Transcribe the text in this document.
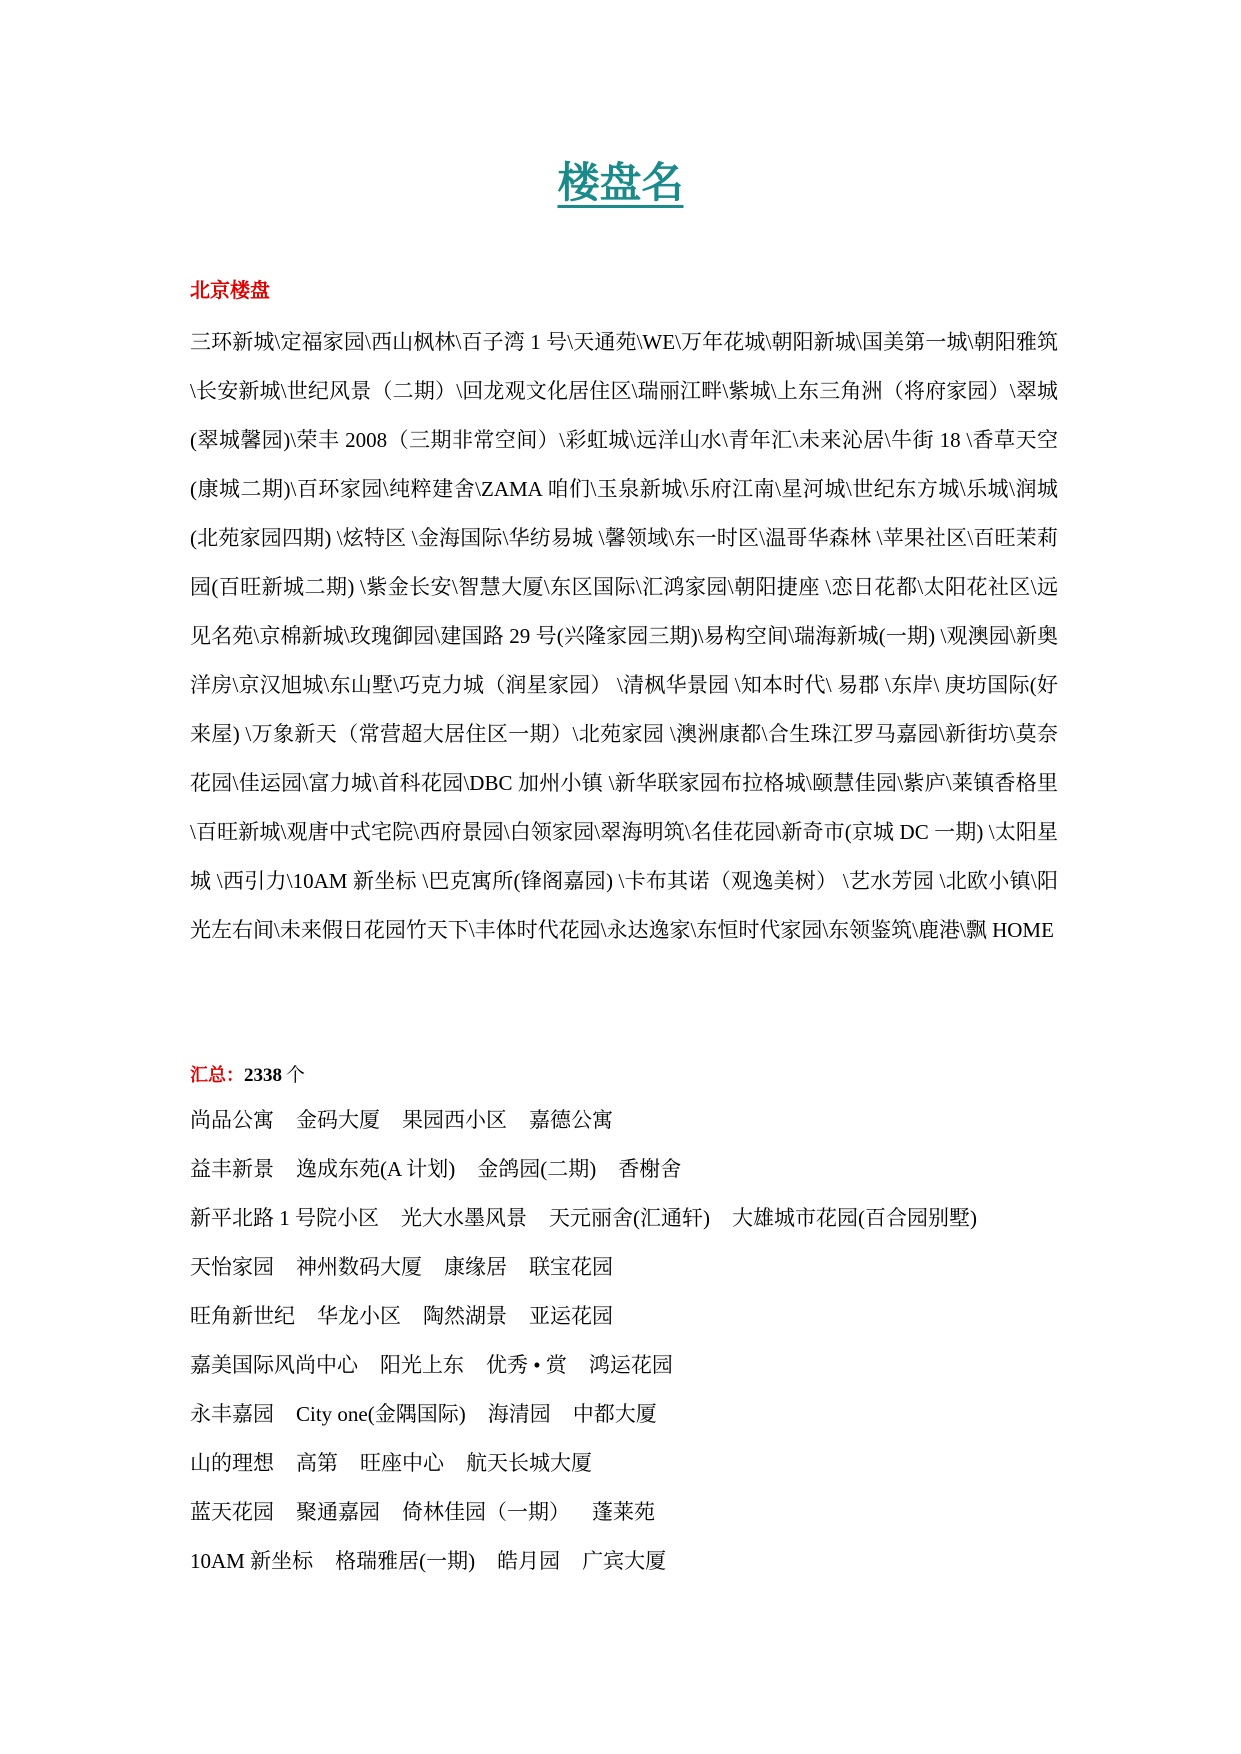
楼盘名
北京楼盘

三环新城\定福家园\西山枫林\百子湾 1 号\天通苑\WE\万年花城\朝阳新城\国美第一城\朝阳雅筑\长安新城\世纪风景（二期）\回龙观文化居住区\瑞丽江畔\紫城\上东三角洲（将府家园）\翠城(翠城馨园)\荣丰 2008（三期非常空间）\彩虹城\远洋山水\青年汇\未来沁居\牛街 18 \香草天空(康城二期)\百环家园\纯粹建舍\ZAMA 咱们\玉泉新城\乐府江南\星河城\世纪东方城\乐城\润城(北苑家园四期) \炫特区 \金海国际\华纺易城 \馨领域\东一时区\温哥华森林 \苹果社区\百旺茉莉园(百旺新城二期) \紫金长安\智慧大厦\东区国际\汇鸿家园\朝阳捷座 \恋日花都\太阳花社区\远见名苑\京棉新城\玫瑰御园\建国路 29 号(兴隆家园三期)\易构空间\瑞海新城(一期) \观澳园\新奥洋房\京汉旭城\东山墅\巧克力城（润星家园） \清枫华景园 \知本时代\ 易郡 \东岸\ 庚坊国际(好来屋) \万象新天（常营超大居住区一期）\北苑家园 \澳洲康都\合生珠江罗马嘉园\新街坊\莫奈花园\佳运园\富力城\首科花园\DBC 加州小镇 \新华联家园布拉格城\颐慧佳园\紫庐\莱镇香格里\百旺新城\观唐中式宅院\西府景园\白领家园\翠海明筑\名佳花园\新奇市(京城 DC 一期) \太阳星城 \西引力\10AM 新坐标 \巴克寓所(锋阁嘉园) \卡布其诺（观逸美树） \艺水芳园 \北欧小镇\阳光左右间\未来假日花园竹天下\丰体时代花园\永达逸家\东恒时代家园\东领鉴筑\鹿港\飘 HOME

汇总：2338  个

尚品公寓 金码大厦 果园西小区 嘉德公寓
益丰新景 逸成东苑(A 计划) 金鸽园(二期) 香榭舍
新平北路 1 号院小区 光大水墨风景 天元丽舍(汇通轩) 大雄城市花园(百合园别墅)
天怡家园 神州数码大厦 康缘居 联宝花园
旺角新世纪 华龙小区 陶然湖景 亚运花园
嘉美国际风尚中心 阳光上东 优秀 • 赏 鸿运花园
永丰嘉园 City one(金隅国际) 海清园 中都大厦
山的理想 高第 旺座中心 航天长城大厦
蓝天花园 聚通嘉园 倚林佳园（一期） 蓬莱苑
10AM 新坐标 格瑞雅居(一期) 皓月园 广宾大厦
